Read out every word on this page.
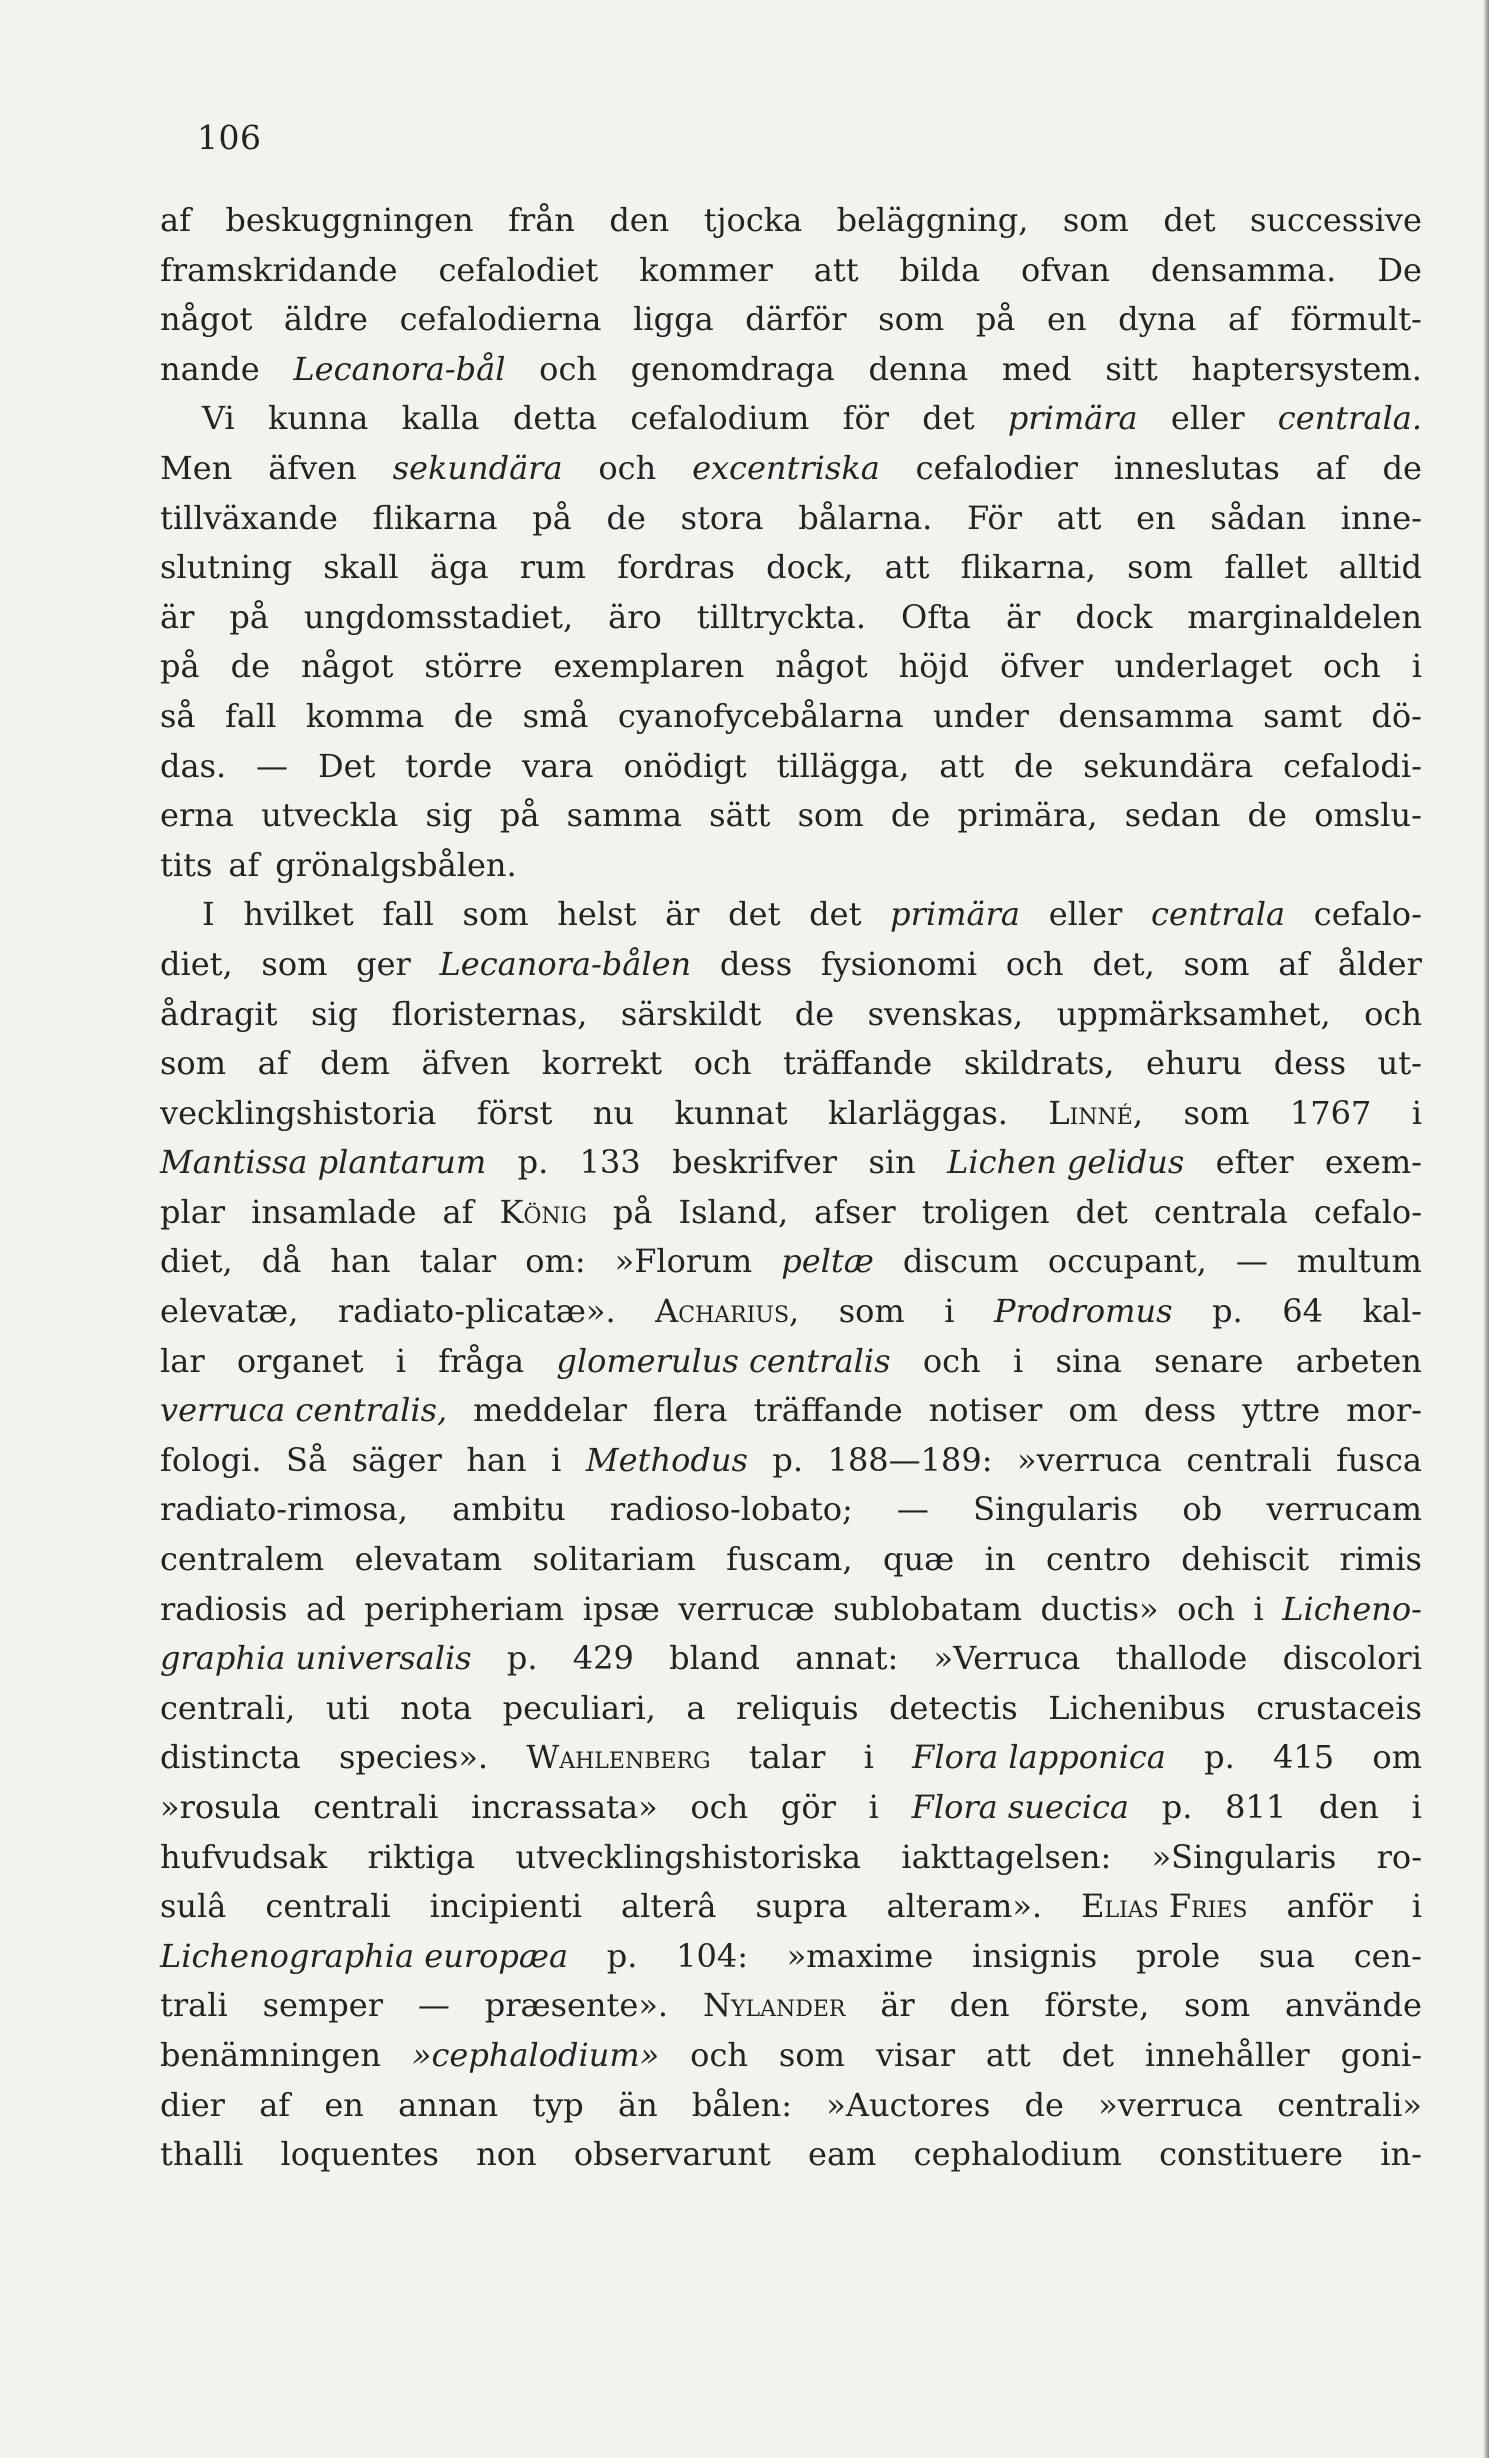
106
af beskuggningen från den tjocka beläggning, som det successive
framskridande cefalodiet kommer att bilda ofvan densamma. De
något äldre cefalodierna ligga därför som på en dyna af förmult-
nande Lecanora-bål och genomdraga denna med sitt haptersystem.
Vi kunna kalla detta cefalodium för det primära eller centrala.
Men äfven sekundära och excentriska cefalodier inneslutas af de
tillväxande flikarna på de stora bålarna. För att en sådan inne-
slutning skall äga rum fordras dock, att flikarna, som fallet alltid
är på ungdomsstadiet, äro tilltryckta. Ofta är dock marginaldelen
på de något större exemplaren något höjd öfver underlaget och i
så fall komma de små cyanofycebålarna under densamma samt dö-
das. — Det torde vara onödigt tillägga, att de sekundära cefalodi-
erna utveckla sig på samma sätt som de primära, sedan de omslu-
tits af grönalgsbålen.
I hvilket fall som helst är det det primära eller centrala cefalo-
diet, som ger Lecanora-bålen dess fysionomi och det, som af ålder
ådragit sig floristernas, särskildt de svenskas, uppmärksamhet, och
som af dem äfven korrekt och träffande skildrats, ehuru dess ut-
vecklingshistoria först nu kunnat klarläggas. Linné, som 1767 i
Mantissa plantarum p. 133 beskrifver sin Lichen gelidus efter exem-
plar insamlade af König på Island, afser troligen det centrala cefalo-
diet, då han talar om: »Florum peltæ discum occupant, — multum
elevatæ, radiato-plicatæ». Acharius, som i Prodromus p. 64 kal-
lar organet i fråga glomerulus centralis och i sina senare arbeten
verruca centralis, meddelar flera träffande notiser om dess yttre mor-
fologi. Så säger han i Methodus p. 188—189: »verruca centrali fusca
radiato-rimosa, ambitu radioso-lobato; — Singularis ob verrucam
centralem elevatam solitariam fuscam, quæ in centro dehiscit rimis
radiosis ad peripheriam ipsæ verrucæ sublobatam ductis» och i Licheno-
graphia universalis p. 429 bland annat: »Verruca thallode discolori
centrali, uti nota peculiari, a reliquis detectis Lichenibus crustaceis
distincta species». Wahlenberg talar i Flora lapponica p. 415 om
»rosula centrali incrassata» och gör i Flora suecica p. 811 den i
hufvudsak riktiga utvecklingshistoriska iakttagelsen: »Singularis ro-
sulâ centrali incipienti alterâ supra alteram». Elias Fries anför i
Lichenographia europæa p. 104: »maxime insignis prole sua cen-
trali semper — præsente». Nylander är den förste, som använde
benämningen »cephalodium» och som visar att det innehåller goni-
dier af en annan typ än bålen: »Auctores de »verruca centrali»
thalli loquentes non observarunt eam cephalodium constituere in-
